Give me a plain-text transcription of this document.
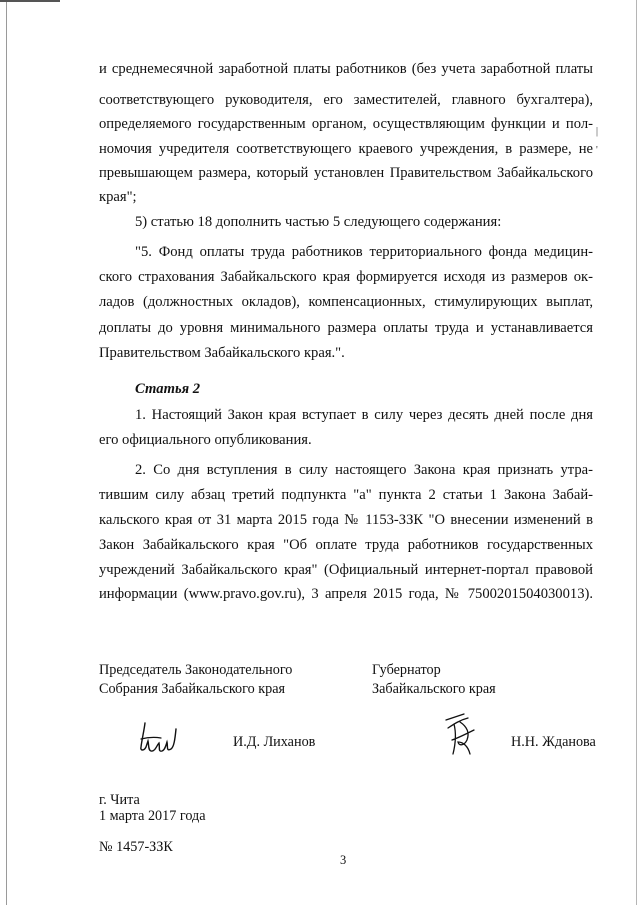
и среднемесячной заработной платы работников (без учета заработной платы
соответствующего руководителя, его заместителей, главного бухгалтера),
определяемого государственным органом, осуществляющим функции и пол-
номочия учредителя соответствующего краевого учреждения, в размере, не
превышающем размера, который установлен Правительством Забайкальского
края";
5) статью 18 дополнить частью 5 следующего содержания:
"5. Фонд оплаты труда работников территориального фонда медицин-
ского страхования Забайкальского края формируется исходя из размеров ок-
ладов (должностных окладов), компенсационных, стимулирующих выплат,
доплаты до уровня минимального размера оплаты труда и устанавливается
Правительством Забайкальского края.".
Статья 2
1. Настоящий Закон края вступает в силу через десять дней после дня
его официального опубликования.
2. Со дня вступления в силу настоящего Закона края признать утра-
тившим силу абзац третий подпункта "а" пункта 2 статьи 1 Закона Забай-
кальского края от 31 марта 2015 года № 1153-ЗЗК "О внесении изменений в
Закон Забайкальского края "Об оплате труда работников государственных
учреждений Забайкальского края" (Официальный интернет-портал правовой
информации (www.pravo.gov.ru), 3 апреля 2015 года, № 7500201504030013).
|
'
Председатель Законодательного
Собрания Забайкальского края
Губернатор
Забайкальского края
И.Д. Лиханов	Н.Н. Жданова
г. Чита
1 марта 2017 года
№ 1457-ЗЗК
3
